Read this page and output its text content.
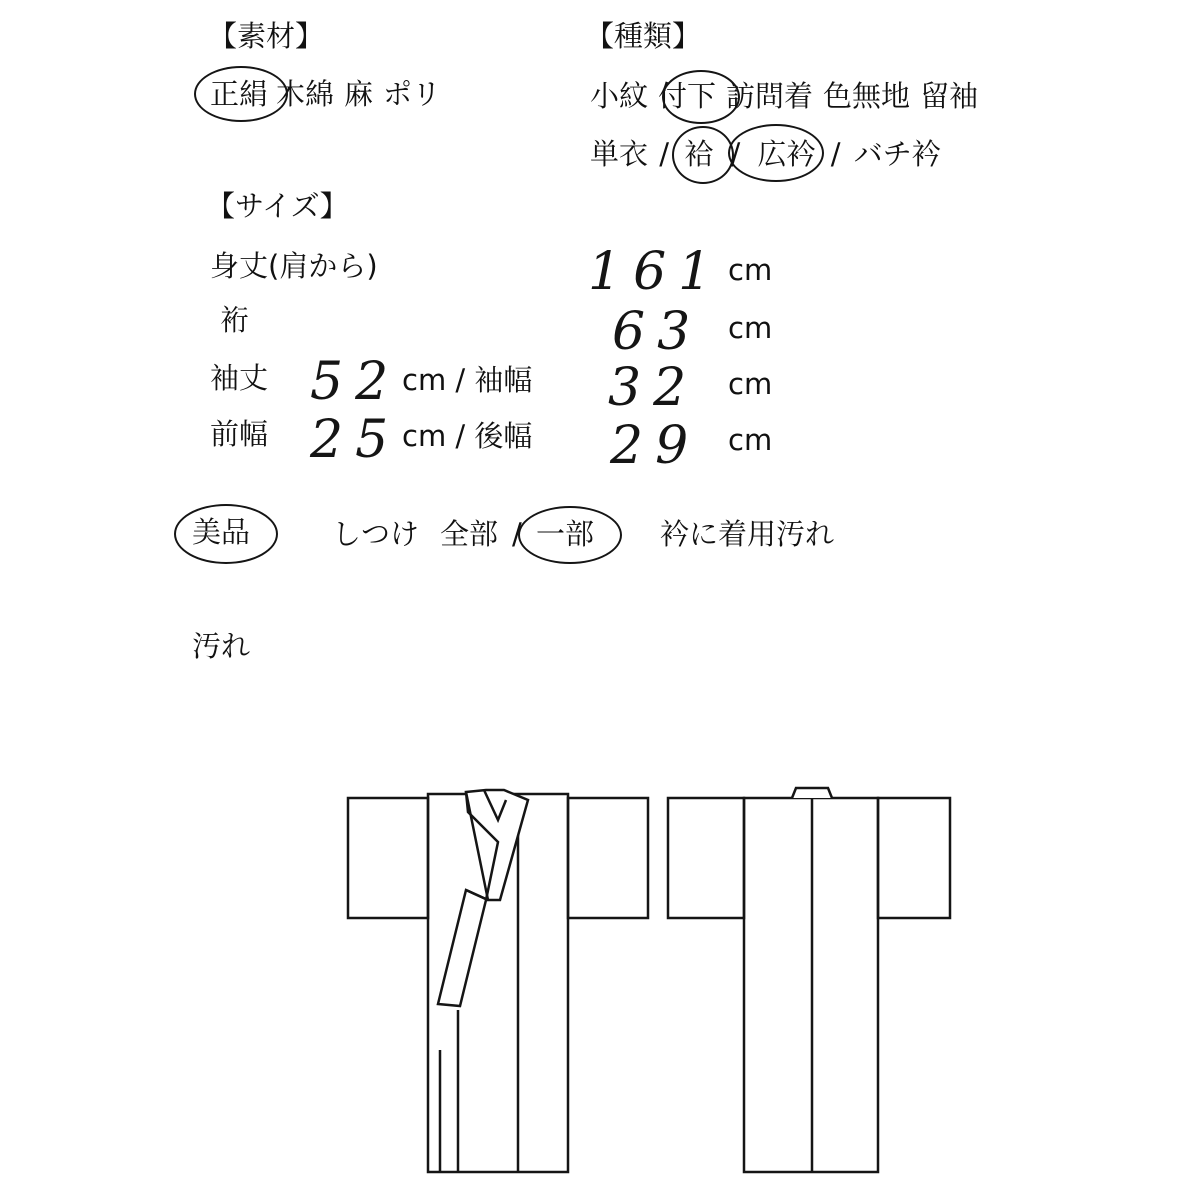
【素材】
正絹 木綿 麻 ポリ
【種類】
小紋 付下 訪問着 色無地 留袖
単衣 / 袷 / 広衿 / バチ衿
【サイズ】
身丈(肩から)	161 cm
裄	63 cm
袖丈 52 cm / 袖幅 32 cm
前幅 25 cm / 後幅 29 cm
美品	しつけ 全部 / 一部 衿に着用汚れ
汚れ
